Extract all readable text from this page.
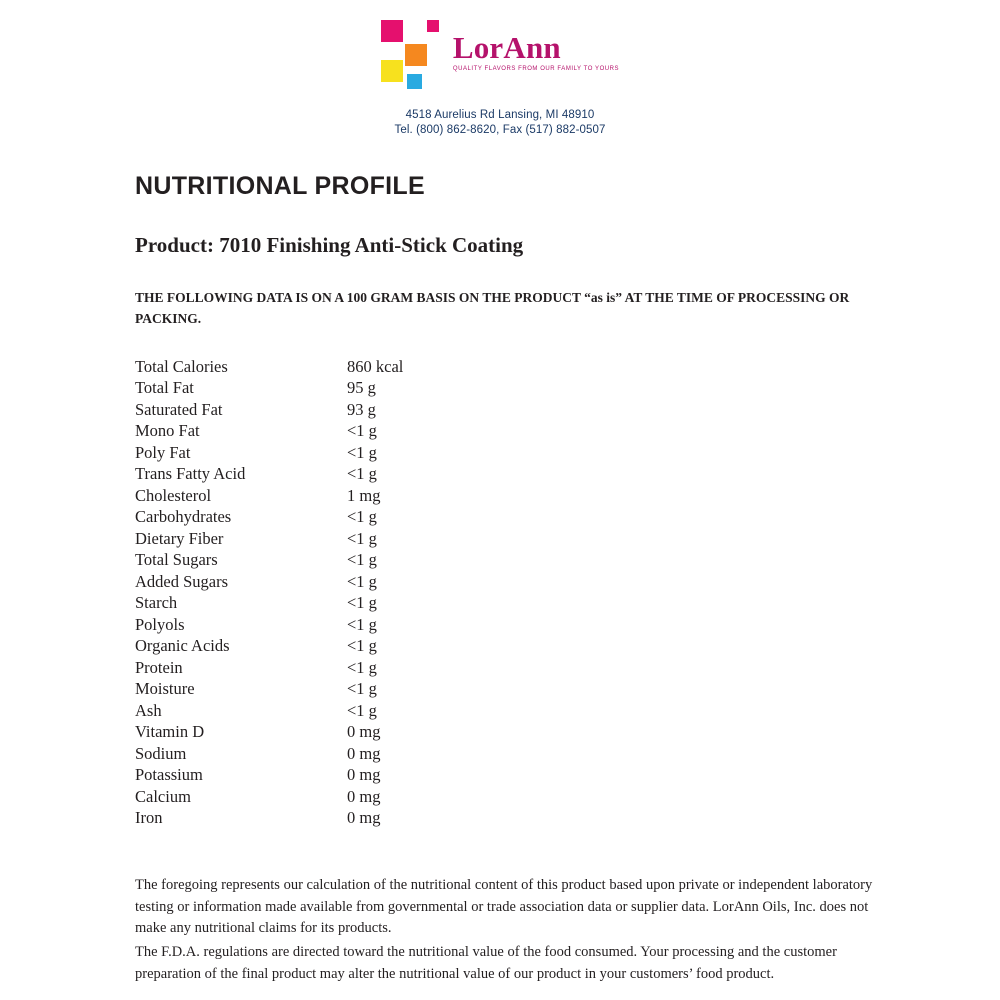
LorAnn
QUALITY FLAVORS FROM OUR FAMILY TO YOURS
4518 Aurelius Rd Lansing, MI 48910
Tel. (800) 862-8620, Fax (517) 882-0507
NUTRITIONAL PROFILE
Product: 7010 Finishing Anti-Stick Coating
THE FOLLOWING DATA IS ON A 100 GRAM BASIS ON THE PRODUCT “as is” AT THE TIME OF PROCESSING OR PACKING.
Total Calories	860 kcal
Total Fat	95 g
Saturated Fat	93 g
Mono Fat	<1 g
Poly Fat	<1 g
Trans Fatty Acid	<1 g
Cholesterol	1 mg
Carbohydrates	<1 g
Dietary Fiber	<1 g
Total Sugars	<1 g
Added Sugars	<1 g
Starch	<1 g
Polyols	<1 g
Organic Acids	<1 g
Protein	<1 g
Moisture	<1 g
Ash	<1 g
Vitamin D	0 mg
Sodium	0 mg
Potassium	0 mg
Calcium	0 mg
Iron	0 mg

The foregoing represents our calculation of the nutritional content of this product based upon private or independent laboratory testing or information made available from governmental or trade association data or supplier data. LorAnn Oils, Inc. does not make any nutritional claims for its products.

The F.D.A. regulations are directed toward the nutritional value of the food consumed. Your processing and the customer preparation of the final product may alter the nutritional value of our product in your customers’ food product.
